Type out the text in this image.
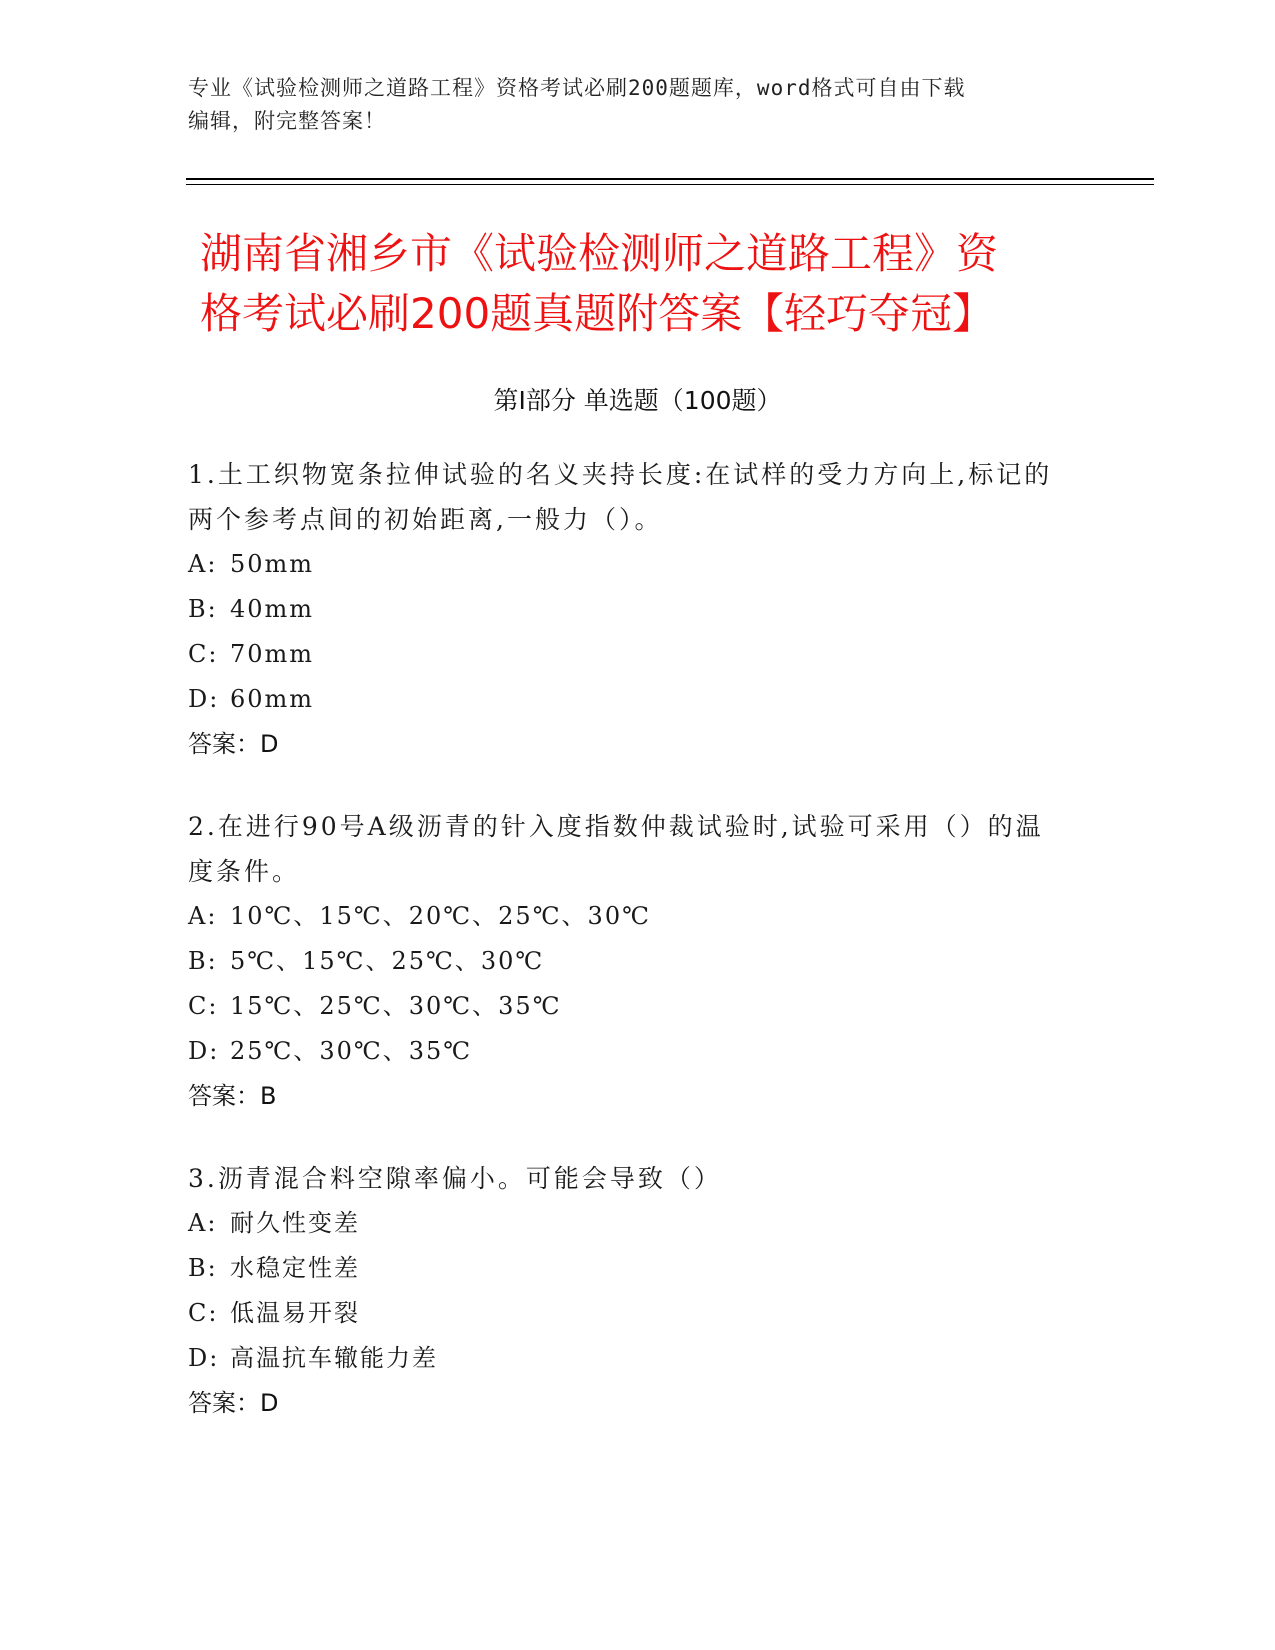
专业《试验检测师之道路工程》资格考试必刷200题题库，word格式可自由下载
编辑，附完整答案！
湖南省湘乡市《试验检测师之道路工程》资
格考试必刷200题真题附答案【轻巧夺冠】
第Ⅰ部分 单选题（100题）
1.土工织物宽条拉伸试验的名义夹持长度:在试样的受力方向上,标记的两个参考点间的初始距离,一般力（）。
A: 50mm
B: 40mm
C: 70mm
D: 60mm
答案：D
2.在进行90号A级沥青的针入度指数仲裁试验时,试验可采用（）的温度条件。
A: 10℃、15℃、20℃、25℃、30℃
B: 5℃、15℃、25℃、30℃
C: 15℃、25℃、30℃、35℃
D: 25℃、30℃、35℃
答案：B
3.沥青混合料空隙率偏小。可能会导致（）
A: 耐久性变差
B: 水稳定性差
C: 低温易开裂
D: 高温抗车辙能力差
答案：D
